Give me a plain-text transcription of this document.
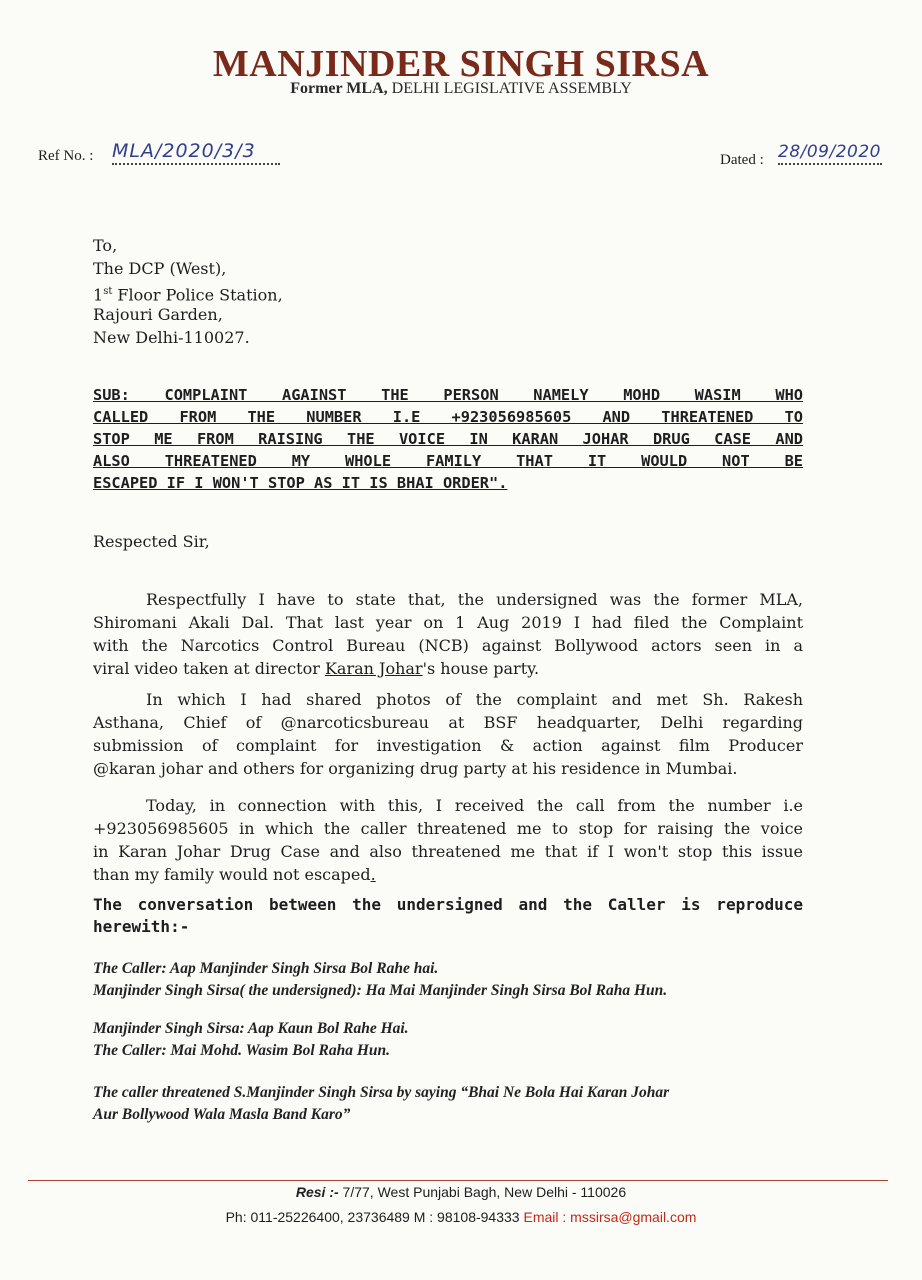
MANJINDER SINGH SIRSA
Former MLA, DELHI LEGISLATIVE ASSEMBLY
Ref No. : MLA/2020/3/3	Dated : 28/09/2020
To,
The DCP (West),
1st Floor Police Station,
Rajouri Garden,
New Delhi-110027.
SUB: COMPLAINT AGAINST THE PERSON NAMELY MOHD WASIM WHO
CALLED FROM THE NUMBER I.E +923056985605 AND THREATENED TO
STOP ME FROM RAISING THE VOICE IN KARAN JOHAR DRUG CASE AND
ALSO THREATENED MY WHOLE FAMILY THAT IT WOULD NOT BE
ESCAPED IF I WON'T STOP AS IT IS BHAI ORDER".
Respected Sir,
Respectfully I have to state that, the undersigned was the former MLA,
Shiromani Akali Dal. That last year on 1 Aug 2019 I had filed the Complaint
with the Narcotics Control Bureau (NCB) against Bollywood actors seen in a
viral video taken at director Karan Johar's house party.
In which I had shared photos of the complaint and met Sh. Rakesh
Asthana, Chief of @narcoticsbureau at BSF headquarter, Delhi regarding
submission of complaint for investigation & action against film Producer
@karan johar and others for organizing drug party at his residence in Mumbai.
Today, in connection with this, I received the call from the number i.e
+923056985605 in which the caller threatened me to stop for raising the voice
in Karan Johar Drug Case and also threatened me that if I won't stop this issue
than my family would not escaped.
The conversation between the undersigned and the Caller is reproduce
herewith:-
The Caller: Aap Manjinder Singh Sirsa Bol Rahe hai.
Manjinder Singh Sirsa( the undersigned): Ha Mai Manjinder Singh Sirsa Bol Raha Hun.
Manjinder Singh Sirsa: Aap Kaun Bol Rahe Hai.
The Caller: Mai Mohd. Wasim Bol Raha Hun.
The caller threatened S.Manjinder Singh Sirsa by saying “Bhai Ne Bola Hai Karan Johar
Aur Bollywood Wala Masla Band Karo”
Resi :- 7/77, West Punjabi Bagh, New Delhi - 110026
Ph: 011-25226400, 23736489 M : 98108-94333 Email : mssirsa@gmail.com
